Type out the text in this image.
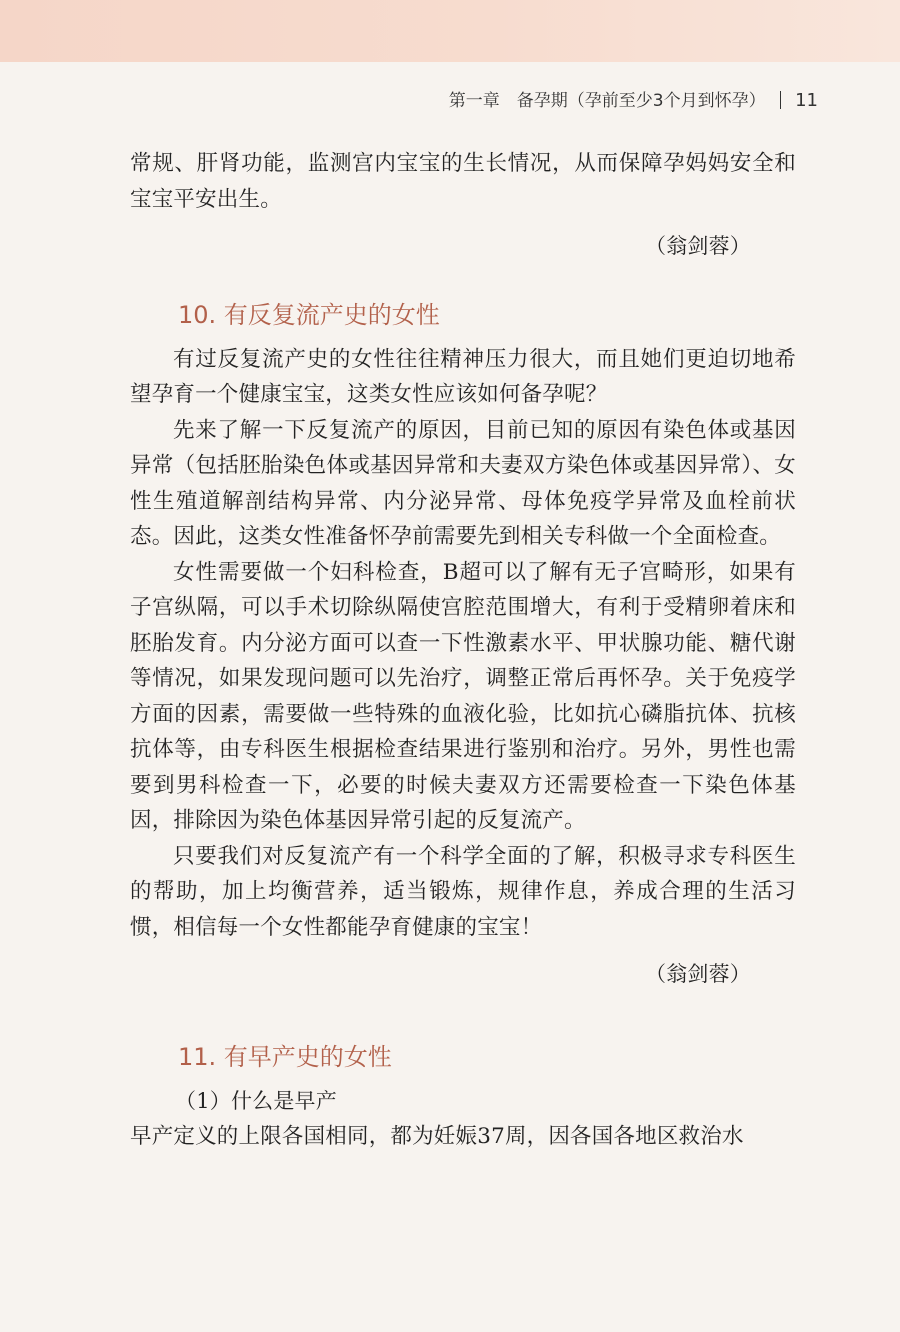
第一章　备孕期（孕前至少3个月到怀孕） 11

常规、肝肾功能，监测宫内宝宝的生长情况，从而保障孕妈妈安全和宝宝平安出生。

（翁剑蓉）

10. 有反复流产史的女性

有过反复流产史的女性往往精神压力很大，而且她们更迫切地希望孕育一个健康宝宝，这类女性应该如何备孕呢？

先来了解一下反复流产的原因，目前已知的原因有染色体或基因异常（包括胚胎染色体或基因异常和夫妻双方染色体或基因异常）、女性生殖道解剖结构异常、内分泌异常、母体免疫学异常及血栓前状态。因此，这类女性准备怀孕前需要先到相关专科做一个全面检查。

女性需要做一个妇科检查，B超可以了解有无子宫畸形，如果有子宫纵隔，可以手术切除纵隔使宫腔范围增大，有利于受精卵着床和胚胎发育。内分泌方面可以查一下性激素水平、甲状腺功能、糖代谢等情况，如果发现问题可以先治疗，调整正常后再怀孕。关于免疫学方面的因素，需要做一些特殊的血液化验，比如抗心磷脂抗体、抗核抗体等，由专科医生根据检查结果进行鉴别和治疗。另外，男性也需要到男科检查一下，必要的时候夫妻双方还需要检查一下染色体基因，排除因为染色体基因异常引起的反复流产。

只要我们对反复流产有一个科学全面的了解，积极寻求专科医生的帮助，加上均衡营养，适当锻炼，规律作息，养成合理的生活习惯，相信每一个女性都能孕育健康的宝宝！

（翁剑蓉）

11. 有早产史的女性

（1）什么是早产

早产定义的上限各国相同，都为妊娠37周，因各国各地区救治水
